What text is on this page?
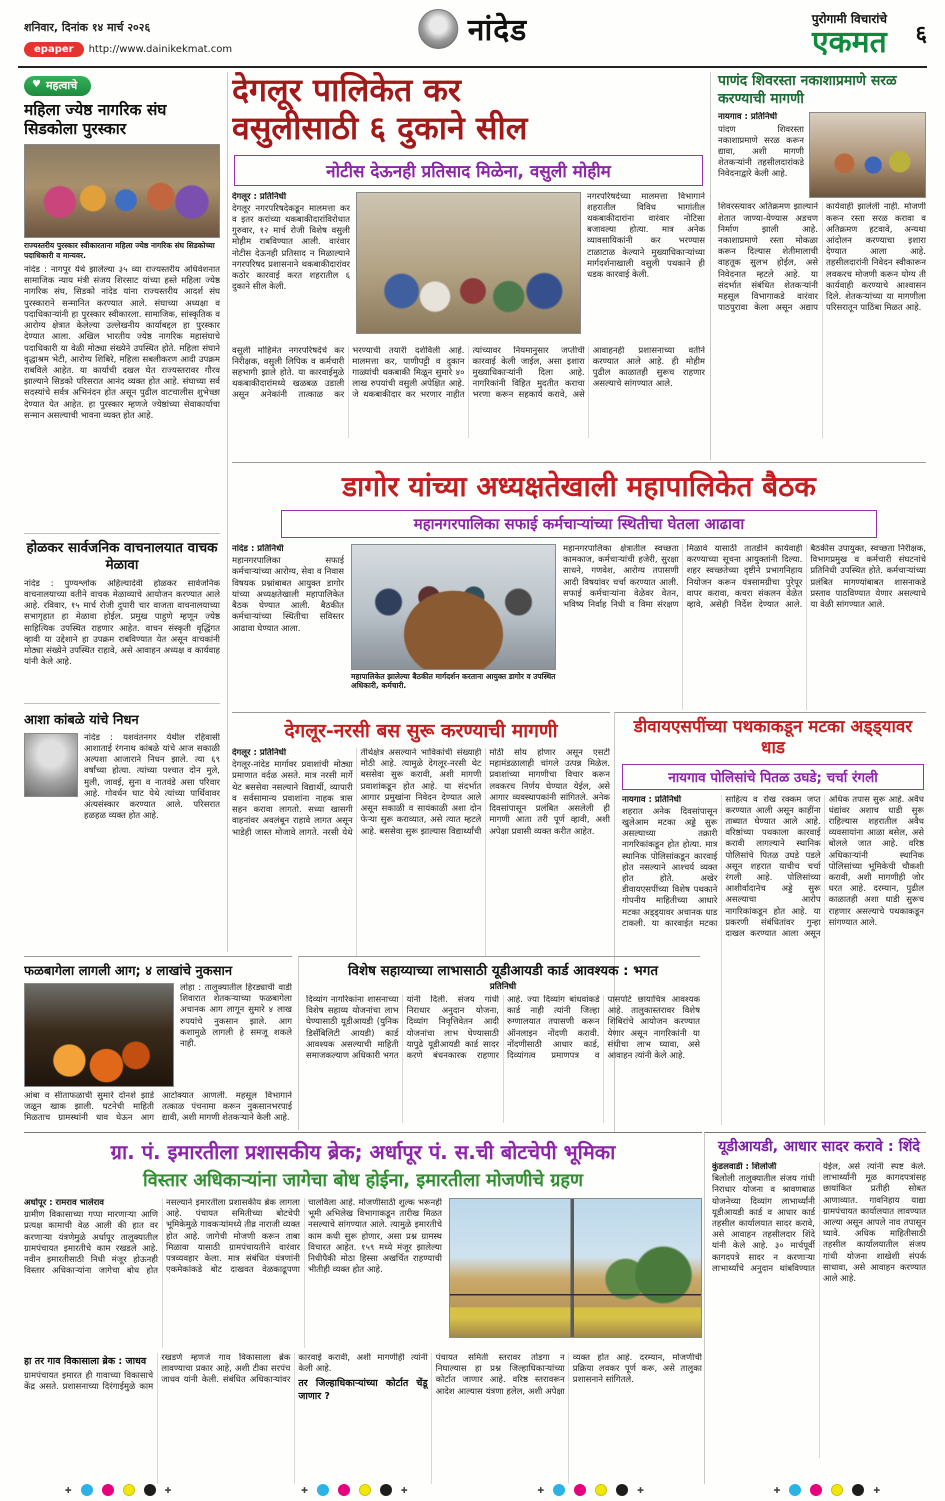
शनिवार, दिनांक १४ मार्च २०२६
epaper	http://www.dainikekmat.com
नांदेड	पुरोगामी विचारांचे
एकमत ६
♥ महत्वाचे
महिला ज्येष्ठ नागरिक संघ सिडकोला पुरस्कार

राज्यस्तरीय पुरस्कार स्वीकारताना महिला ज्येष्ठ नागरिक संघ सिडकोच्या पदाधिकारी व मान्यवर.

नांदेड : नागपूर येथे झालेल्या ३५ व्या राज्यस्तरीय अधिवेशनात सामाजिक न्याय मंत्री संजय शिरसाट यांच्या हस्ते महिला ज्येष्ठ नागरिक संघ, सिडको नांदेड यांना राज्यस्तरीय आदर्श संघ पुरस्काराने सन्मानित करण्यात आले. संघाच्या अध्यक्षा व पदाधिकाऱ्यांनी हा पुरस्कार स्वीकारला. सामाजिक, सांस्कृतिक व आरोग्य क्षेत्रात केलेल्या उल्लेखनीय कार्याबद्दल हा पुरस्कार देण्यात आला. अखिल भारतीय ज्येष्ठ नागरिक महासंघाचे पदाधिकारी या वेळी मोठ्या संख्येने उपस्थित होते. महिला संघाने वृद्धाश्रम भेटी, आरोग्य शिबिरे, महिला सबलीकरण आदी उपक्रम राबविले आहेत. या कार्याची दखल घेत राज्यस्तरावर गौरव झाल्याने सिडको परिसरात आनंद व्यक्त होत आहे. संघाच्या सर्व सदस्यांचे सर्वत्र अभिनंदन होत असून पुढील वाटचालीस शुभेच्छा देण्यात येत आहेत. हा पुरस्कार म्हणजे ज्येष्ठांच्या सेवाकार्याचा सन्मान असल्याची भावना व्यक्त होत आहे.

होळकर सार्वजनिक वाचनालयात वाचक मेळावा

नांदेड : पुण्यश्लोक अहिल्यादेवी होळकर सार्वजनिक वाचनालयाच्या वतीने वाचक मेळाव्याचे आयोजन करण्यात आले आहे. रविवार, १५ मार्च रोजी दुपारी चार वाजता वाचनालयाच्या सभागृहात हा मेळावा होईल. प्रमुख पाहुणे म्हणून ज्येष्ठ साहित्यिक उपस्थित राहणार आहेत. वाचन संस्कृती वृद्धिंगत व्हावी या उद्देशाने हा उपक्रम राबविण्यात येत असून वाचकांनी मोठ्या संख्येने उपस्थित राहावे, असे आवाहन अध्यक्ष व कार्यवाह यांनी केले आहे.

आशा कांबळे यांचे निधन

नांदेड : यशवंतनगर येथील रहिवासी आशाताई रंगनाथ कांबळे यांचे आज सकाळी अल्पशा आजाराने निधन झाले. त्या ६९ वर्षांच्या होत्या. त्यांच्या पश्चात दोन मुले, मुली, जावई, सुना व नातवंडे असा परिवार आहे. गोवर्धन घाट येथे त्यांच्या पार्थिवावर अंत्यसंस्कार करण्यात आले. परिसरात हळहळ व्यक्त होत आहे.

देगलूर पालिकेत कर
वसुलीसाठी ६ दुकाने सील
नोटीस देऊनही प्रतिसाद मिळेना, वसुली मोहीम
देगलूर : प्रतिनिधी
देगलूर नगरपरिषदेकडून मालमत्ता कर व इतर करांच्या थकबाकीदारांविरोधात गुरुवार, १२ मार्च रोजी विशेष वसुली मोहीम राबविण्यात आली. वारंवार नोटीस देऊनही प्रतिसाद न मिळाल्याने नगरपरिषद प्रशासनाने थकबाकीदारांवर कठोर कारवाई करत शहरातील ६ दुकाने सील केली.
नगरपरिषदेच्या मालमत्ता विभागाने शहरातील विविध भागांतील थकबाकीदारांना वारंवार नोटिसा बजावल्या होत्या. मात्र अनेक व्यावसायिकांनी कर भरण्यास टाळाटाळ केल्याने मुख्याधिकाऱ्यांच्या मार्गदर्शनाखाली वसुली पथकाने ही धडक कारवाई केली.
वसुली मोहिमेत नगरपरिषदेचे कर निरीक्षक, वसुली लिपिक व कर्मचारी सहभागी झाले होते. या कारवाईमुळे थकबाकीदारांमध्ये खळबळ उडाली असून अनेकांनी तात्काळ कर भरण्याची तयारी दर्शविली आहे. मालमत्ता कर, पाणीपट्टी व दुकान गाळ्यांची थकबाकी मिळून सुमारे ४० लाख रुपयांची वसुली अपेक्षित आहे. जे थकबाकीदार कर भरणार नाहीत त्यांच्यावर नियमानुसार जप्तीची कारवाई केली जाईल, असा इशारा मुख्याधिकाऱ्यांनी दिला आहे. नागरिकांनी विहित मुदतीत कराचा भरणा करून सहकार्य करावे, असे आवाहनही प्रशासनाच्या वतीने करण्यात आले आहे. ही मोहीम पुढील काळातही सुरूच राहणार असल्याचे सांगण्यात आले.
पाणंद शिवरस्ता नकाशाप्रमाणे सरळ करण्याची मागणी
नायगाव : प्रतिनिधी
पांदण शिवरस्ता नकाशाप्रमाणे सरळ करून द्यावा, अशी मागणी शेतकऱ्यांनी तहसीलदारांकडे निवेदनाद्वारे केली आहे.
शिवरस्त्यावर अतिक्रमण झाल्याने शेतात जाण्या-येण्यास अडचण निर्माण झाली आहे. नकाशाप्रमाणे रस्ता मोकळा करून दिल्यास शेतीमालाची वाहतूक सुलभ होईल, असे निवेदनात म्हटले आहे. या संदर्भात संबंधित शेतकऱ्यांनी महसूल विभागाकडे वारंवार पाठपुरावा केला असून अद्याप कार्यवाही झालेली नाही. मोजणी करून रस्ता सरळ करावा व अतिक्रमण हटवावे, अन्यथा आंदोलन करण्याचा इशारा देण्यात आला आहे. तहसीलदारांनी निवेदन स्वीकारून लवकरच मोजणी करून योग्य ती कार्यवाही करण्याचे आश्वासन दिले. शेतकऱ्यांच्या या मागणीला परिसरातून पाठिंबा मिळत आहे.
डागोर यांच्या अध्यक्षतेखाली महापालिकेत बैठक
महानगरपालिका सफाई कर्मचाऱ्यांच्या स्थितीचा घेतला आढावा
नांदेड : प्रतिनिधी
महानगरपालिका सफाई कर्मचाऱ्यांच्या आरोग्य, सेवा व निवास विषयक प्रश्नांबाबत आयुक्त डागोर यांच्या अध्यक्षतेखाली महापालिकेत बैठक घेण्यात आली. बैठकीत कर्मचाऱ्यांच्या स्थितीचा सविस्तर आढावा घेण्यात आला.

महापालिकेत झालेल्या बैठकीत मार्गदर्शन करताना आयुक्त डागोर व उपस्थित अधिकारी, कर्मचारी.

महानगरपालिका क्षेत्रातील स्वच्छता कामकाज, कर्मचाऱ्यांची हजेरी, सुरक्षा साधने, गणवेश, आरोग्य तपासणी आदी विषयांवर चर्चा करण्यात आली. सफाई कर्मचाऱ्यांना वेळेवर वेतन, भविष्य निर्वाह निधी व विमा संरक्षण मिळावे यासाठी तातडीने कार्यवाही करण्याच्या सूचना आयुक्तांनी दिल्या. शहर स्वच्छतेच्या दृष्टीने प्रभागनिहाय नियोजन करून यंत्रसामग्रीचा पुरेपूर वापर करावा, कचरा संकलन वेळेत व्हावे, असेही निर्देश देण्यात आले. बैठकीस उपायुक्त, स्वच्छता निरीक्षक, विभागप्रमुख व कर्मचारी संघटनांचे प्रतिनिधी उपस्थित होते. कर्मचाऱ्यांच्या प्रलंबित मागण्यांबाबत शासनाकडे प्रस्ताव पाठविण्यात येणार असल्याचे या वेळी सांगण्यात आले.
देगलूर-नरसी बस सुरू करण्याची मागणी
देगलूर : प्रतिनिधी
देगलूर-नांदेड मार्गावर प्रवाशांची मोठ्या प्रमाणात वर्दळ असते. मात्र नरसी मार्गे थेट बससेवा नसल्याने विद्यार्थी, व्यापारी व सर्वसामान्य प्रवाशांना नाहक त्रास सहन करावा लागतो. सध्या खासगी वाहनांवर अवलंबून राहावे लागत असून भाडेही जास्त मोजावे लागते. नरसी येथे तीर्थक्षेत्र असल्याने भाविकांची संख्याही मोठी आहे. त्यामुळे देगलूर-नरसी थेट बससेवा सुरू करावी, अशी मागणी प्रवाशांकडून होत आहे. या संदर्भात आगार प्रमुखांना निवेदन देण्यात आले असून सकाळी व सायंकाळी अशा दोन फेऱ्या सुरू कराव्यात, असे त्यात म्हटले आहे. बससेवा सुरू झाल्यास विद्यार्थ्यांची मोठी सोय होणार असून एसटी महामंडळालाही चांगले उत्पन्न मिळेल. प्रवाशांच्या मागणीचा विचार करून लवकरच निर्णय घेण्यात येईल, असे आगार व्यवस्थापकांनी सांगितले. अनेक दिवसांपासून प्रलंबित असलेली ही मागणी आता तरी पूर्ण व्हावी, अशी अपेक्षा प्रवासी व्यक्त करीत आहेत.
डीवायएसपींच्या पथकाकडून मटका अड्ड्यावर धाड
नायगाव पोलिसांचे पितळ उघडे; चर्चा रंगली
नायगाव : प्रतिनिधी
शहरात अनेक दिवसांपासून खुलेआम मटका अड्डे सुरू असल्याच्या तक्रारी नागरिकांकडून होत होत्या. मात्र स्थानिक पोलिसांकडून कारवाई होत नसल्याने आश्चर्य व्यक्त होत होते. अखेर डीवायएसपींच्या विशेष पथकाने गोपनीय माहितीच्या आधारे मटका अड्ड्यावर अचानक धाड टाकली. या कारवाईत मटका साहित्य व रोख रक्कम जप्त करण्यात आली असून काहींना ताब्यात घेण्यात आले आहे. वरिष्ठांच्या पथकाला कारवाई करावी लागल्याने स्थानिक पोलिसांचे पितळ उघडे पडले असून शहरात याचीच चर्चा रंगली आहे. पोलिसांच्या आशीर्वादानेच अड्डे सुरू असल्याचा आरोप नागरिकांकडून होत आहे. या प्रकरणी संबंधितांवर गुन्हा दाखल करण्यात आला असून अधिक तपास सुरू आहे. अवैध धंद्यांवर अशाच धाडी सुरू राहिल्यास शहरातील अवैध व्यवसायांना आळा बसेल, असे बोलले जात आहे. वरिष्ठ अधिकाऱ्यांनी स्थानिक पोलिसांच्या भूमिकेची चौकशी करावी, अशी मागणीही जोर धरत आहे. दरम्यान, पुढील काळातही अशा धाडी सुरूच राहणार असल्याचे पथकाकडून सांगण्यात आले.
फळबागेला लागली आग; ४ लाखांचे नुकसान

लोहा : तालुक्यातील हिरड्याची वाडी शिवारात शेतकऱ्याच्या फळबागेला अचानक आग लागून सुमारे ४ लाख रुपयांचे नुकसान झाले. आग कशामुळे लागली हे समजू शकले नाही.

आंबा व सीताफळाची सुमारे दोनशे झाडे जळून खाक झाली. घटनेची माहिती मिळताच ग्रामस्थांनी धाव घेऊन आग आटोक्यात आणली. महसूल विभागाने तत्काळ पंचनामा करून नुकसानभरपाई द्यावी, अशी मागणी शेतकऱ्याने केली आहे.
विशेष सहाय्याच्या लाभासाठी यूडीआयडी कार्ड आवश्यक : भगत
प्रतिनिधी
दिव्यांग नागरिकांना शासनाच्या विशेष सहाय्य योजनांचा लाभ घेण्यासाठी यूडीआयडी (युनिक डिसॅबिलिटी आयडी) कार्ड आवश्यक असल्याची माहिती समाजकल्याण अधिकारी भगत यांनी दिली. संजय गांधी निराधार अनुदान योजना, दिव्यांग निवृत्तिवेतन आदी योजनांचा लाभ घेण्यासाठी यापुढे यूडीआयडी कार्ड सादर करणे बंधनकारक राहणार आहे. ज्या दिव्यांग बांधवांकडे कार्ड नाही त्यांनी जिल्हा रुग्णालयात तपासणी करून ऑनलाइन नोंदणी करावी. नोंदणीसाठी आधार कार्ड, दिव्यांगत्व प्रमाणपत्र व पासपोर्ट छायाचित्र आवश्यक आहे. तालुकास्तरावर विशेष शिबिरांचे आयोजन करण्यात येणार असून नागरिकांनी या संधीचा लाभ घ्यावा, असे आवाहन त्यांनी केले आहे.
ग्रा. पं. इमारतीला प्रशासकीय ब्रेक; अर्धापूर पं. स.ची बोटचेपी भूमिका
विस्तार अधिकाऱ्यांना जागेचा बोध होईना, इमारतीला मोजणीचे ग्रहण
अर्धापूर : रामराव भालेराव
ग्रामीण विकासाच्या गप्पा मारणाऱ्या आणि प्रत्यक्ष कामाची वेळ आली की हात वर करणाऱ्या यंत्रणेमुळे अर्धापूर तालुक्यातील ग्रामपंचायत इमारतीचे काम रखडले आहे. नवीन इमारतीसाठी निधी मंजूर होऊनही विस्तार अधिकाऱ्यांना जागेचा बोध होत नसल्याने इमारतीला प्रशासकीय ब्रेक लागला आहे. पंचायत समितीच्या बोटचेपी भूमिकेमुळे गावकऱ्यांमध्ये तीव्र नाराजी व्यक्त होत आहे. जागेची मोजणी करून ताबा मिळावा यासाठी ग्रामपंचायतीने वारंवार पत्रव्यवहार केला. मात्र संबंधित यंत्रणांनी एकमेकांकडे बोट दाखवत वेळकाढूपणा चालविला आहे. मोजणीसाठी शुल्क भरूनही भूमी अभिलेख विभागाकडून तारीख मिळत नसल्याचे सांगण्यात आले. त्यामुळे इमारतीचे काम कधी सुरू होणार, असा प्रश्न ग्रामस्थ विचारत आहेत. १५९ मध्ये मंजूर झालेल्या निधीपैकी मोठा हिस्सा अखर्चित राहण्याची भीतीही व्यक्त होत आहे.
हा तर गाव विकासाला ब्रेक : जाधव
ग्रामपंचायत इमारत ही गावाच्या विकासाचे केंद्र असते. प्रशासनाच्या दिरंगाईमुळे काम रखडणे म्हणजे गाव विकासाला ब्रेक लावण्याचा प्रकार आहे, अशी टीका सरपंच जाधव यांनी केली. संबंधित अधिकाऱ्यांवर कारवाई करावी, अशी मागणीही त्यांनी केली आहे.
तर जिल्हाधिकाऱ्यांच्या कोर्टात चेंडू जाणार ?
पंचायत समिती स्तरावर तोडगा न निघाल्यास हा प्रश्न जिल्हाधिकाऱ्यांच्या कोर्टात जाणार आहे. वरिष्ठ स्तरावरून आदेश आल्यास यंत्रणा हलेल, अशी अपेक्षा व्यक्त होत आहे. दरम्यान, मोजणीची प्रक्रिया लवकर पूर्ण करू, असे तालुका प्रशासनाने सांगितले.
यूडीआयडी, आधार सादर करावे : शिंदे
कुंडलवाडी : शिलोजी
बिलोली तालुक्यातील संजय गांधी निराधार योजना व श्रावणबाळ योजनेच्या दिव्यांग लाभार्थ्यांनी यूडीआयडी कार्ड व आधार कार्ड तहसील कार्यालयात सादर करावे, असे आवाहन तहसीलदार शिंदे यांनी केले आहे. ३० मार्चपूर्वी कागदपत्रे सादर न करणाऱ्या लाभार्थ्यांचे अनुदान थांबविण्यात येईल, असे त्यांनी स्पष्ट केले. लाभार्थ्यांनी मूळ कागदपत्रांसह छायांकित प्रतीही सोबत आणाव्यात. गावनिहाय याद्या ग्रामपंचायत कार्यालयात लावण्यात आल्या असून आपले नाव तपासून घ्यावे. अधिक माहितीसाठी तहसील कार्यालयातील संजय गांधी योजना शाखेशी संपर्क साधावा, असे आवाहन करण्यात आले आहे.
✚	✚	✚	✚	✚	✚	✚	✚
